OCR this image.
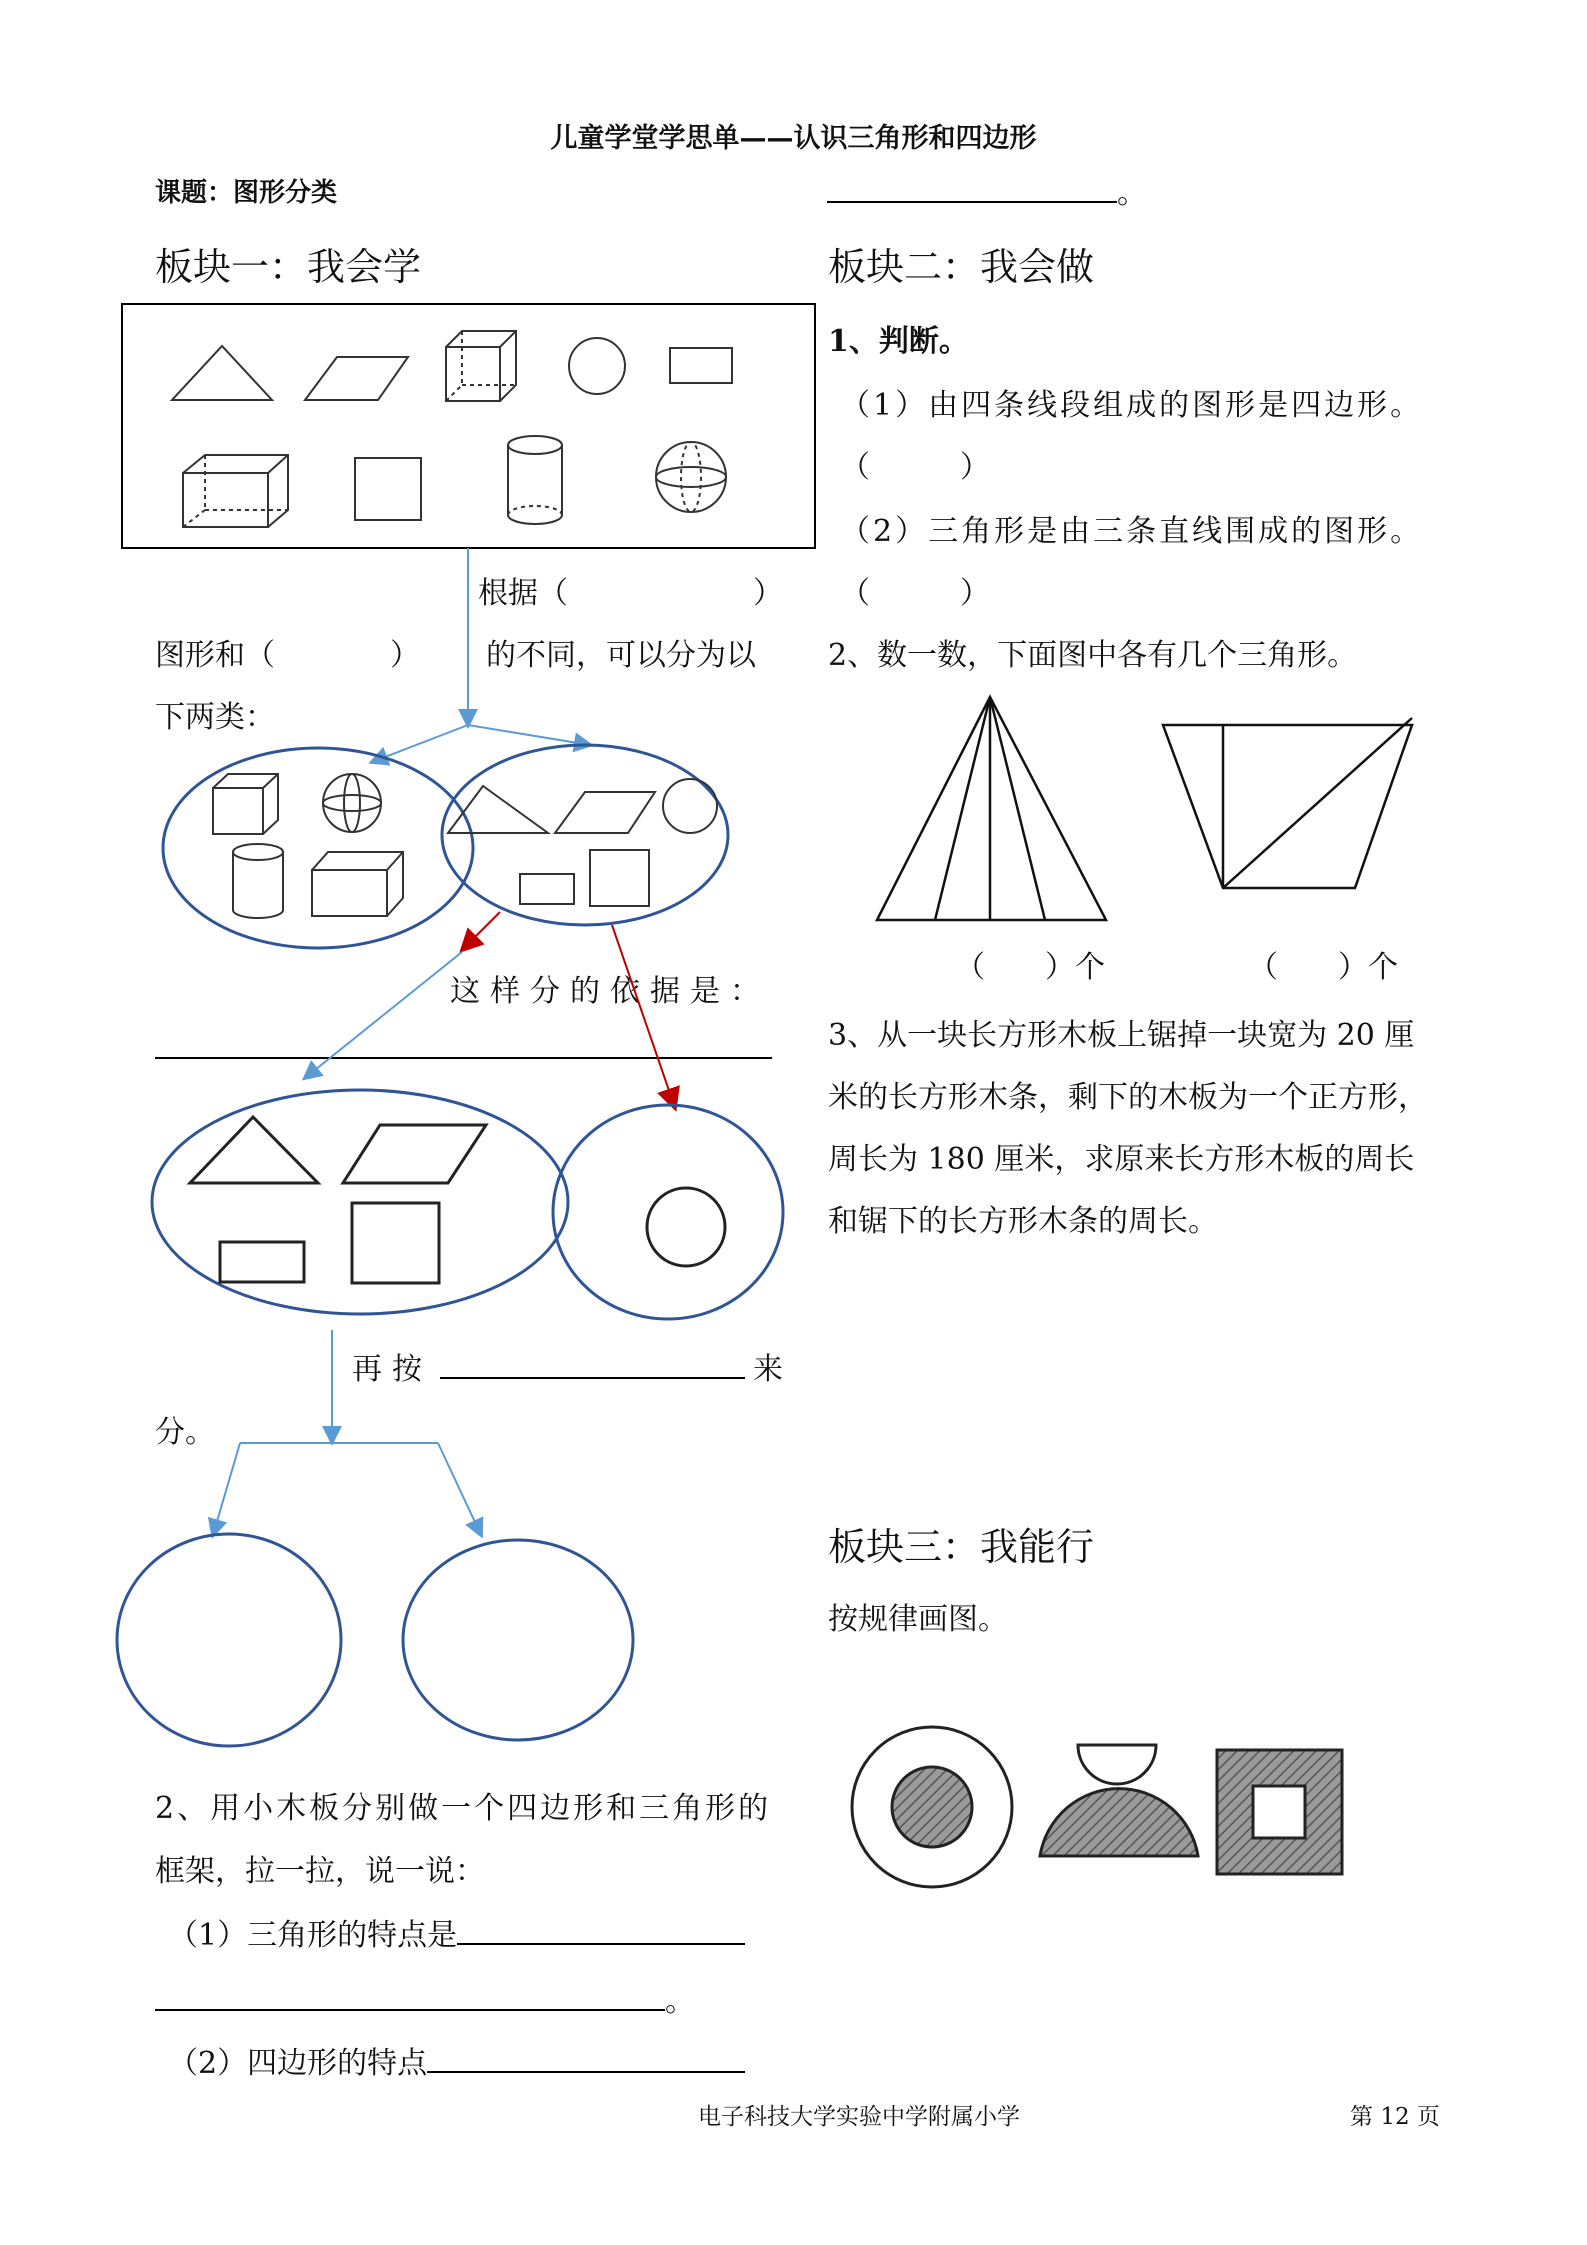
儿童学堂学思单——认识三角形和四边形
课题：图形分类	。
板块一：我会学	板块二：我会做
根据（	）
图形和（	） 的不同，可以分为以
下两类：
这样分的依据是：
再按	来
分。
2、用小木板分别做一个四边形和三角形的
框架，拉一拉，说一说：
（1）三角形的特点是
。
（2）四边形的特点
1、判断。
（1）由四条线段组成的图形是四边形。
（　　　）
（2）三角形是由三条直线围成的图形。
（　　　）
2、数一数，下面图中各有几个三角形。
（　　）个	（　　）个
3、从一块长方形木板上锯掉一块宽为 20 厘
米的长方形木条，剩下的木板为一个正方形，
周长为 180 厘米，求原来长方形木板的周长
和锯下的长方形木条的周长。
板块三：我能行
按规律画图。
电子科技大学实验中学附属小学	第 12 页
